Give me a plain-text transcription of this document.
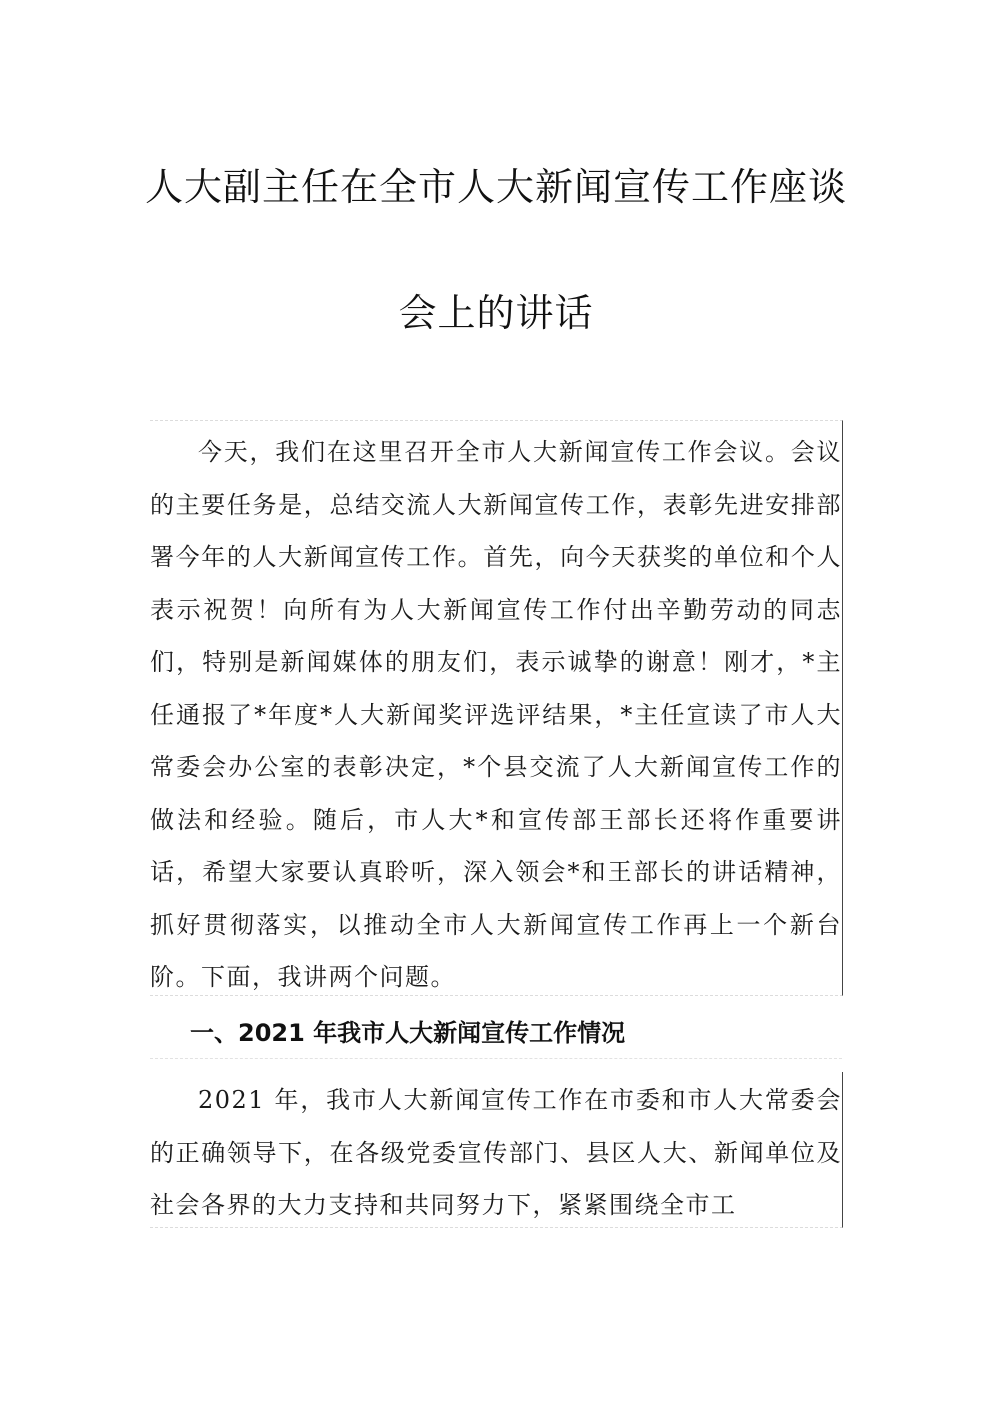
人大副主任在全市人大新闻宣传工作座谈
会上的讲话

今天，我们在这里召开全市人大新闻宣传工作会议。会议的主要任务是，总结交流人大新闻宣传工作，表彰先进安排部署今年的人大新闻宣传工作。首先，向今天获奖的单位和个人表示祝贺！向所有为人大新闻宣传工作付出辛勤劳动的同志们，特别是新闻媒体的朋友们，表示诚挚的谢意！刚才，*主任通报了*年度*人大新闻奖评选评结果，*主任宣读了市人大常委会办公室的表彰决定，*个县交流了人大新闻宣传工作的做法和经验。随后，市人大*和宣传部王部长还将作重要讲话，希望大家要认真聆听，深入领会*和王部长的讲话精神，抓好贯彻落实，以推动全市人大新闻宣传工作再上一个新台阶。下面，我讲两个问题。

一、2021 年我市人大新闻宣传工作情况

2021 年，我市人大新闻宣传工作在市委和市人大常委会的正确领导下，在各级党委宣传部门、县区人大、新闻单位及社会各界的大力支持和共同努力下，紧紧围绕全市工
